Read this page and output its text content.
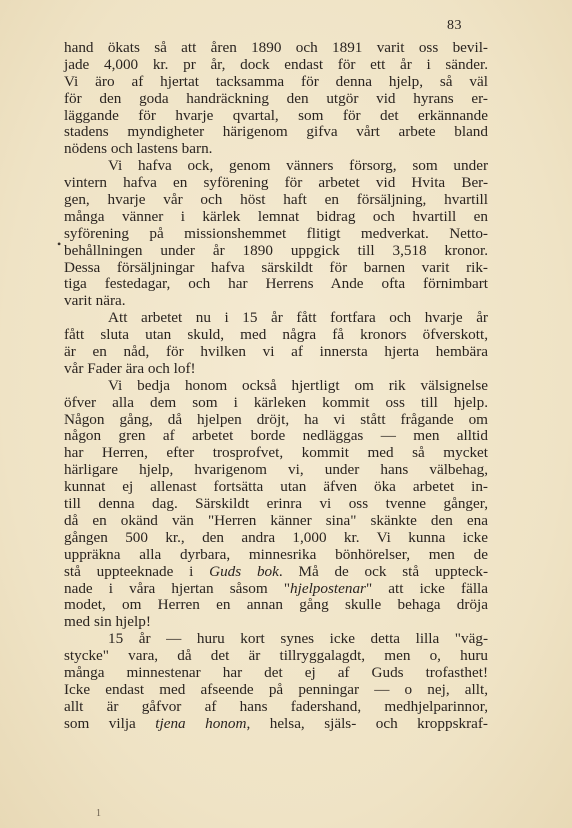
83
•
hand ökats så att åren 1890 och 1891 varit oss bevil-
jade 4,000 kr. pr år, dock endast för ett år i sänder.
Vi äro af hjertat tacksamma för denna hjelp, så väl
för den goda handräckning den utgör vid hyrans er-
läggande för hvarje qvartal, som för det erkännande
stadens myndigheter härigenom gifva vårt arbete bland
nödens och lastens barn.
Vi hafva ock, genom vänners försorg, som under
vintern hafva en syförening för arbetet vid Hvita Ber-
gen, hvarje vår och höst haft en försäljning, hvartill
många vänner i kärlek lemnat bidrag och hvartill en
syförening på missionshemmet flitigt medverkat. Netto-
behållningen under år 1890 uppgick till 3,518 kronor.
Dessa försäljningar hafva särskildt för barnen varit rik-
tiga festedagar, och har Herrens Ande ofta förnimbart
varit nära.
Att arbetet nu i 15 år fått fortfara och hvarje år
fått sluta utan skuld, med några få kronors öfverskott,
är en nåd, för hvilken vi af innersta hjerta hembära
vår Fader ära och lof!
Vi bedja honom också hjertligt om rik välsignelse
öfver alla dem som i kärleken kommit oss till hjelp.
Någon gång, då hjelpen dröjt, ha vi stått frågande om
någon gren af arbetet borde nedläggas — men alltid
har Herren, efter trosprofvet, kommit med så mycket
härligare hjelp, hvarigenom vi, under hans välbehag,
kunnat ej allenast fortsätta utan äfven öka arbetet in-
till denna dag. Särskildt erinra vi oss tvenne gånger,
då en okänd vän "Herren känner sina" skänkte den ena
gången 500 kr., den andra 1,000 kr. Vi kunna icke
uppräkna alla dyrbara, minnesrika bönhörelser, men de
stå uppteeknade i Guds bok. Må de ock stå uppteck-
nade i våra hjertan såsom "hjelpostenar" att icke fälla
modet, om Herren en annan gång skulle behaga dröja
med sin hjelp!
15 år — huru kort synes icke detta lilla "väg-
stycke" vara, då det är tillryggalagdt, men o, huru
många minnestenar har det ej af Guds trofasthet!
Icke endast med afseende på penningar — o nej, allt,
allt är gåfvor af hans fadershand, medhjelparinnor,
som vilja tjena honom, helsa, själs- och kroppskraf-
1
